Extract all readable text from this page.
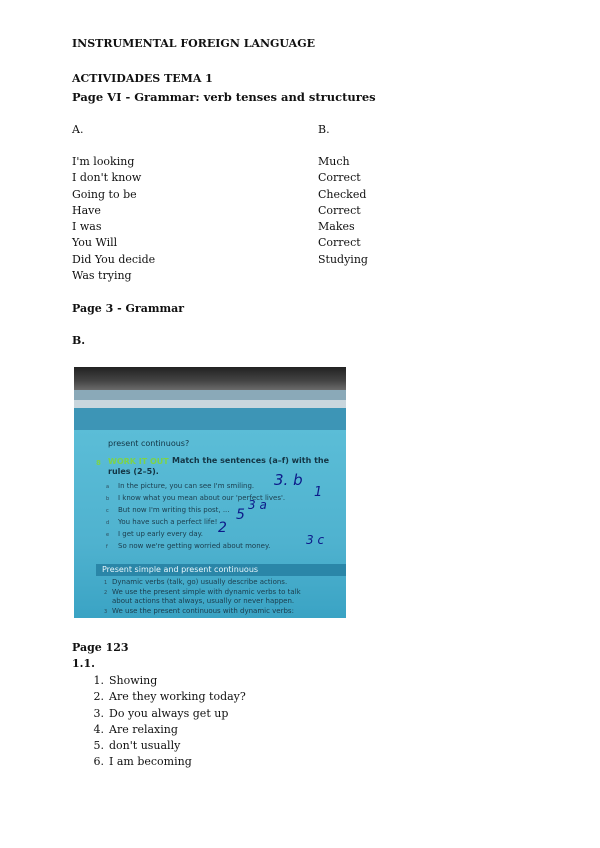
INSTRUMENTAL FOREIGN LANGUAGE
ACTIVIDADES TEMA 1
Page VI - Grammar: verb tenses and structures
A.	B.
I'm looking
I don't know
Going to be
Have
I was
You Will
Did You decide
Was trying
Much
Correct
Checked
Correct
Makes
Correct
Studying
Page 3 - Grammar
B.
present continuous?
8 WORK IT OUT Match the sentences (a–f) with the
rules (2–5).
a In the picture, you can see I'm smiling. 3. b
b I know what you mean about our 'perfect lives'. 1
c But now I'm writing this post, ... 3 a
d You have such a perfect life! 5
e I get up early every day. 2
f So now we're getting worried about money.	3 c
Present simple and present continuous
1 Dynamic verbs (talk, go) usually describe actions.
2 We use the present simple with dynamic verbs to talk
about actions that always, usually or never happen.
3 We use the present continuous with dynamic verbs:
Page 123
1.1.
1. Showing
2. Are they working today?
3. Do you always get up
4. Are relaxing
5. don't usually
6. I am becoming
